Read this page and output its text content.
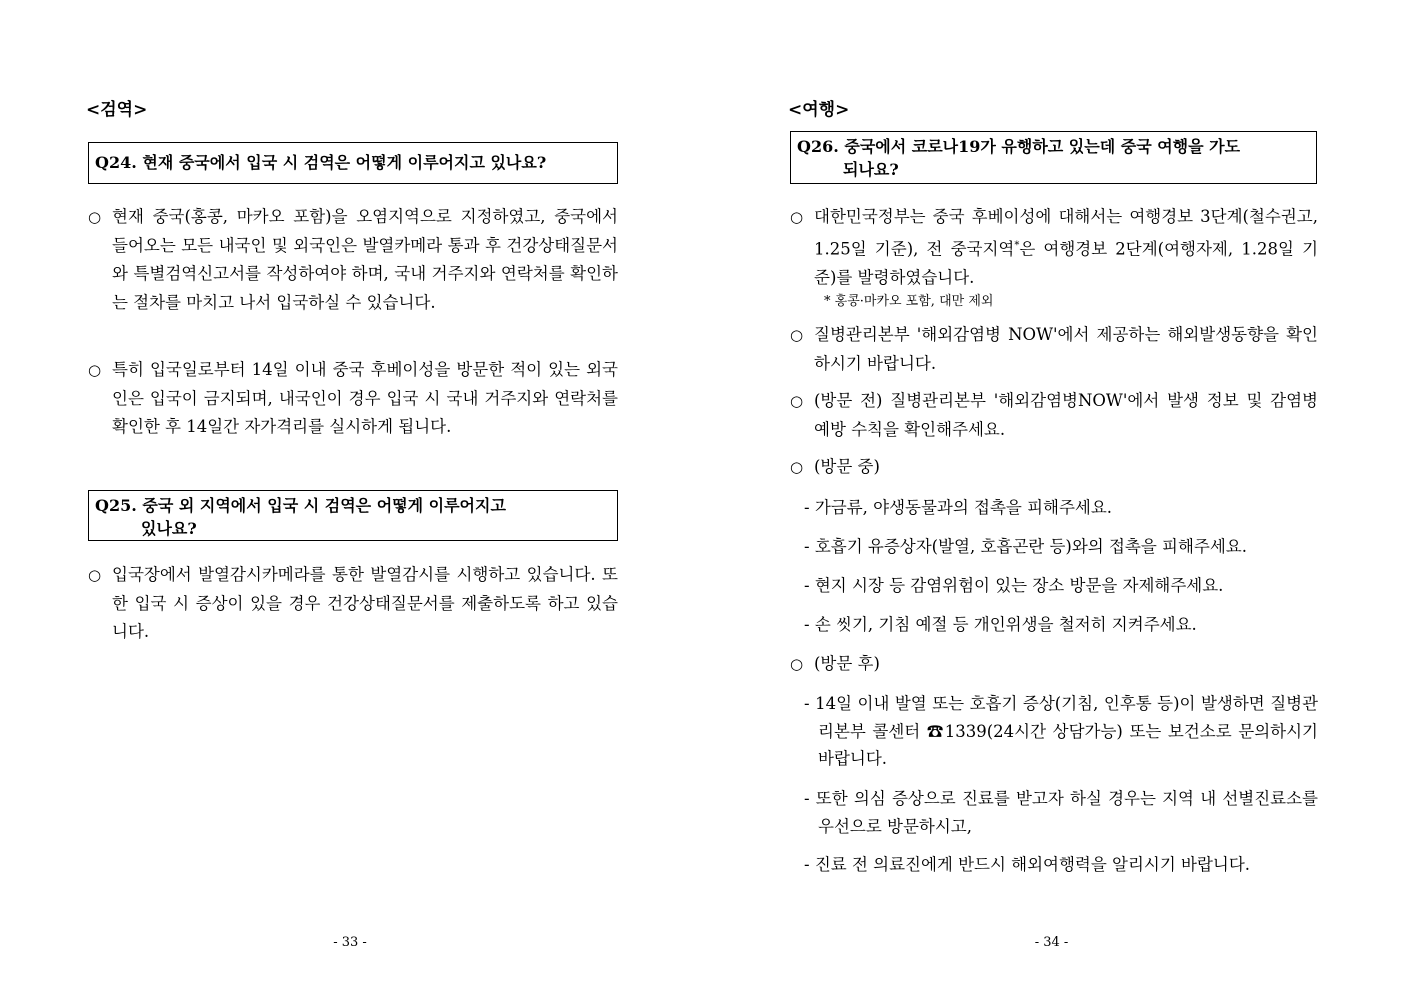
<검역>
Q24. 현재 중국에서 입국 시 검역은 어떻게 이루어지고 있나요?
○ 현재 중국(홍콩, 마카오 포함)을 오염지역으로 지정하였고, 중국에서 들어오는 모든 내국인 및 외국인은 발열카메라 통과 후 건강상태질문서와 특별검역신고서를 작성하여야 하며, 국내 거주지와 연락처를 확인하는 절차를 마치고 나서 입국하실 수 있습니다.
○ 특히 입국일로부터 14일 이내 중국 후베이성을 방문한 적이 있는 외국인은 입국이 금지되며, 내국인이 경우 입국 시 국내 거주지와 연락처를 확인한 후 14일간 자가격리를 실시하게 됩니다.
Q25. 중국 외 지역에서 입국 시 검역은 어떻게 이루어지고
있나요?
○ 입국장에서 발열감시카메라를 통한 발열감시를 시행하고 있습니다. 또한 입국 시 증상이 있을 경우 건강상태질문서를 제출하도록 하고 있습니다.
- 33 -
<여행>
Q26. 중국에서 코로나19가 유행하고 있는데 중국 여행을 가도
되나요?
○ 대한민국정부는 중국 후베이성에 대해서는 여행경보 3단계(철수권고, 1.25일 기준), 전 중국지역*은 여행경보 2단계(여행자제, 1.28일 기준)를 발령하였습니다.
* 홍콩·마카오 포함, 대만 제외
○ 질병관리본부 '해외감염병 NOW'에서 제공하는 해외발생동향을 확인하시기 바랍니다.
○ (방문 전) 질병관리본부 '해외감염병NOW'에서 발생 정보 및 감염병 예방 수칙을 확인해주세요.
○ (방문 중)
- 가금류, 야생동물과의 접촉을 피해주세요.
- 호흡기 유증상자(발열, 호흡곤란 등)와의 접촉을 피해주세요.
- 현지 시장 등 감염위험이 있는 장소 방문을 자제해주세요.
- 손 씻기, 기침 예절 등 개인위생을 철저히 지켜주세요.
○ (방문 후)
- 14일 이내 발열 또는 호흡기 증상(기침, 인후통 등)이 발생하면 질병관리본부 콜센터 ☎1339(24시간 상담가능) 또는 보건소로 문의하시기 바랍니다.
- 또한 의심 증상으로 진료를 받고자 하실 경우는 지역 내 선별진료소를 우선으로 방문하시고,
- 진료 전 의료진에게 반드시 해외여행력을 알리시기 바랍니다.
- 34 -
